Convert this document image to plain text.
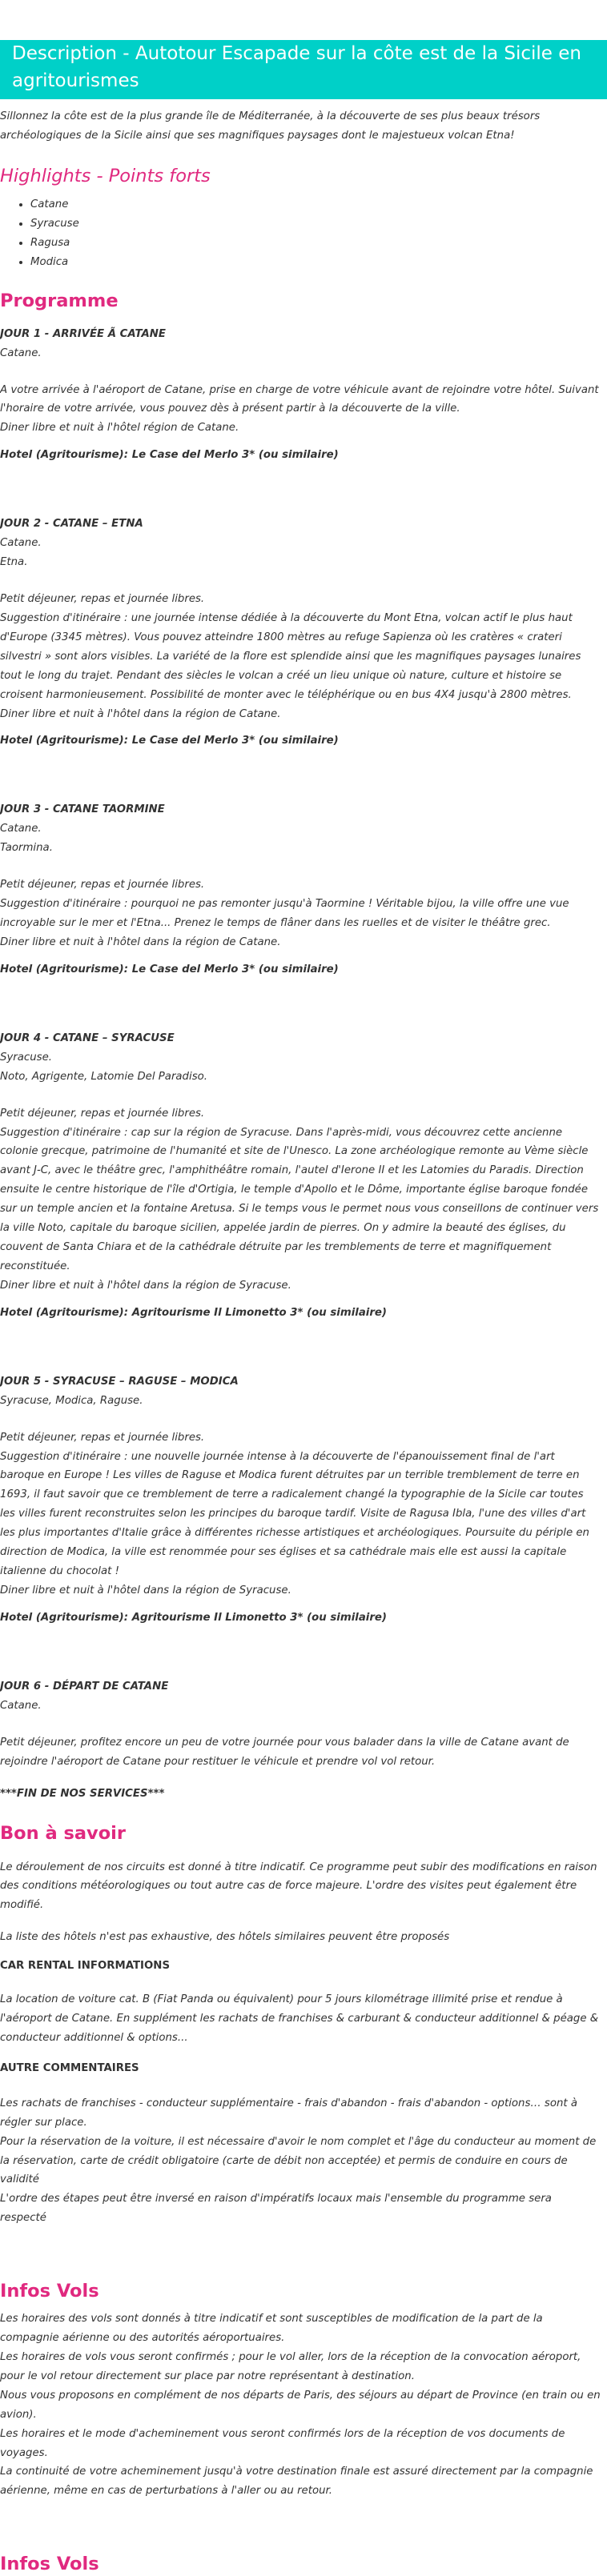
Description - Autotour Escapade sur la côte est de la Sicile en agritourismes

Sillonnez la côte est de la plus grande île de Méditerranée, à la découverte de ses plus beaux trésors archéologiques de la Sicile ainsi que ses magnifiques paysages dont le majestueux volcan Etna!

Highlights - Points forts
• Catane
• Syracuse
• Ragusa
• Modica
Programme

JOUR 1 - ARRIVÉE Ã CATANE

Catane.

A votre arrivée à l'aéroport de Catane, prise en charge de votre véhicule avant de rejoindre votre hôtel. Suivant l'horaire de votre arrivée, vous pouvez dès à présent partir à la découverte de la ville.

Diner libre et nuit à l'hôtel région de Catane.

Hotel (Agritourisme): Le Case del Merlo 3* (ou similaire)

JOUR 2 - CATANE – ETNA

Catane.

Etna.

Petit déjeuner, repas et journée libres.

Suggestion d'itinéraire : une journée intense dédiée à la découverte du Mont Etna, volcan actif le plus haut d'Europe (3345 mètres). Vous pouvez atteindre 1800 mètres au refuge Sapienza où les cratères « crateri silvestri » sont alors visibles. La variété de la flore est splendide ainsi que les magnifiques paysages lunaires tout le long du trajet. Pendant des siècles le volcan a créé un lieu unique où nature, culture et histoire se croisent harmonieusement. Possibilité de monter avec le téléphérique ou en bus 4X4 jusqu'à 2800 mètres.

Diner libre et nuit à l'hôtel dans la région de Catane.

Hotel (Agritourisme): Le Case del Merlo 3* (ou similaire)

JOUR 3 - CATANE TAORMINE

Catane.

Taormina.

Petit déjeuner, repas et journée libres.

Suggestion d'itinéraire : pourquoi ne pas remonter jusqu'à Taormine ! Véritable bijou, la ville offre une vue incroyable sur le mer et l'Etna... Prenez le temps de flâner dans les ruelles et de visiter le théâtre grec.

Diner libre et nuit à l'hôtel dans la région de Catane.

Hotel (Agritourisme): Le Case del Merlo 3* (ou similaire)

JOUR 4 - CATANE – SYRACUSE

Syracuse.

Noto, Agrigente, Latomie Del Paradiso.

Petit déjeuner, repas et journée libres.

Suggestion d'itinéraire : cap sur la région de Syracuse. Dans l'après-midi, vous découvrez cette ancienne colonie grecque, patrimoine de l'humanité et site de l'Unesco. La zone archéologique remonte au Vème siècle avant J-C, avec le théâtre grec, l'amphithéâtre romain, l'autel d'Ierone II et les Latomies du Paradis. Direction ensuite le centre historique de l'île d'Ortigia, le temple d'Apollo et le Dôme, importante église baroque fondée sur un temple ancien et la fontaine Aretusa. Si le temps vous le permet nous vous conseillons de continuer vers la ville Noto, capitale du baroque sicilien, appelée jardin de pierres. On y admire la beauté des églises, du couvent de Santa Chiara et de la cathédrale détruite par les tremblements de terre et magnifiquement reconstituée.

Diner libre et nuit à l'hôtel dans la région de Syracuse.

Hotel (Agritourisme): Agritourisme Il Limonetto 3* (ou similaire)

JOUR 5 - SYRACUSE – RAGUSE – MODICA

Syracuse, Modica, Raguse.

Petit déjeuner, repas et journée libres.

Suggestion d'itinéraire : une nouvelle journée intense à la découverte de l'épanouissement final de l'art baroque en Europe ! Les villes de Raguse et Modica furent détruites par un terrible tremblement de terre en 1693, il faut savoir que ce tremblement de terre a radicalement changé la typographie de la Sicile car toutes les villes furent reconstruites selon les principes du baroque tardif. Visite de Ragusa Ibla, l'une des villes d'art les plus importantes d'Italie grâce à différentes richesse artistiques et archéologiques. Poursuite du périple en direction de Modica, la ville est renommée pour ses églises et sa cathédrale mais elle est aussi la capitale italienne du chocolat !

Diner libre et nuit à l'hôtel dans la région de Syracuse.

Hotel (Agritourisme): Agritourisme Il Limonetto 3* (ou similaire)

JOUR 6 - DÉPART DE CATANE

Catane.

Petit déjeuner, profitez encore un peu de votre journée pour vous balader dans la ville de Catane avant de rejoindre l'aéroport de Catane pour restituer le véhicule et prendre vol vol retour.

***FIN DE NOS SERVICES***

Bon à savoir

Le déroulement de nos circuits est donné à titre indicatif. Ce programme peut subir des modifications en raison des conditions météorologiques ou tout autre cas de force majeure. L'ordre des visites peut également être modifié.

La liste des hôtels n'est pas exhaustive, des hôtels similaires peuvent être proposés

CAR RENTAL INFORMATIONS

La location de voiture cat. B (Fiat Panda ou équivalent) pour 5 jours kilométrage illimité prise et rendue à l'aéroport de Catane. En supplément les rachats de franchises & carburant & conducteur additionnel & péage & conducteur additionnel & options...

AUTRE COMMENTAIRES

Les rachats de franchises - conducteur supplémentaire - frais d'abandon - frais d'abandon - options… sont à régler sur place.

Pour la réservation de la voiture, il est nécessaire d'avoir le nom complet et l'âge du conducteur au moment de la réservation, carte de crédit obligatoire (carte de débit non acceptée) et permis de conduire en cours de validité

L'ordre des étapes peut être inversé en raison d'impératifs locaux mais l'ensemble du programme sera respecté

Infos Vols

Les horaires des vols sont donnés à titre indicatif et sont susceptibles de modification de la part de la compagnie aérienne ou des autorités aéroportuaires.

Les horaires de vols vous seront confirmés ; pour le vol aller, lors de la réception de la convocation aéroport, pour le vol retour directement sur place par notre représentant à destination.

Nous vous proposons en complément de nos départs de Paris, des séjours au départ de Province (en train ou en avion).

Les horaires et le mode d'acheminement vous seront confirmés lors de la réception de vos documents de voyages.

La continuité de votre acheminement jusqu'à votre destination finale est assuré directement par la compagnie aérienne, même en cas de perturbations à l'aller ou au retour.

Infos Vols
